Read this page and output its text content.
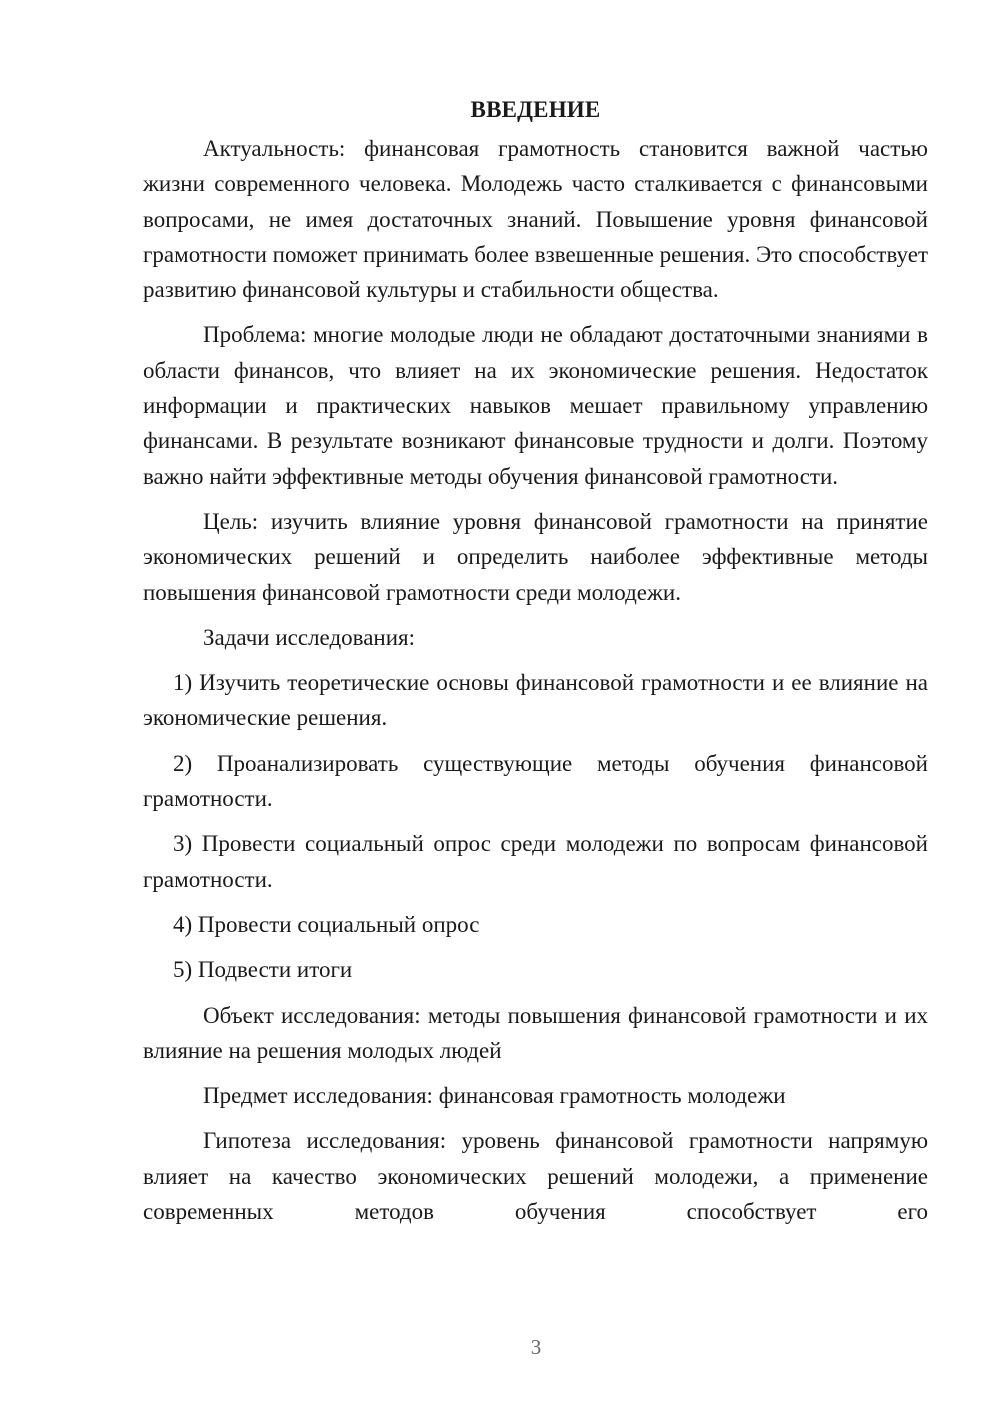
ВВЕДЕНИЕ

Актуальность: финансовая грамотность становится важной частью жизни современного человека. Молодежь часто сталкивается с финансовыми вопросами, не имея достаточных знаний. Повышение уровня финансовой грамотности поможет принимать более взвешенные решения. Это способствует развитию финансовой культуры и стабильности общества.

Проблема: многие молодые люди не обладают достаточными знаниями в области финансов, что влияет на их экономические решения. Недостаток информации и практических навыков мешает правильному управлению финансами. В результате возникают финансовые трудности и долги. Поэтому важно найти эффективные методы обучения финансовой грамотности.

Цель: изучить влияние уровня финансовой грамотности на принятие экономических решений и определить наиболее эффективные методы повышения финансовой грамотности среди молодежи.

Задачи исследования:

1) Изучить теоретические основы финансовой грамотности и ее влияние на экономические решения.

2) Проанализировать существующие методы обучения финансовой грамотности.

3) Провести социальный опрос среди молодежи по вопросам финансовой грамотности.

4) Провести социальный опрос

5) Подвести итоги

Объект исследования: методы повышения финансовой грамотности и их влияние на решения молодых людей

Предмет исследования: финансовая грамотность молодежи

Гипотеза исследования: уровень финансовой грамотности напрямую влияет на качество экономических решений молодежи, а применение современных методов обучения способствует его

3
